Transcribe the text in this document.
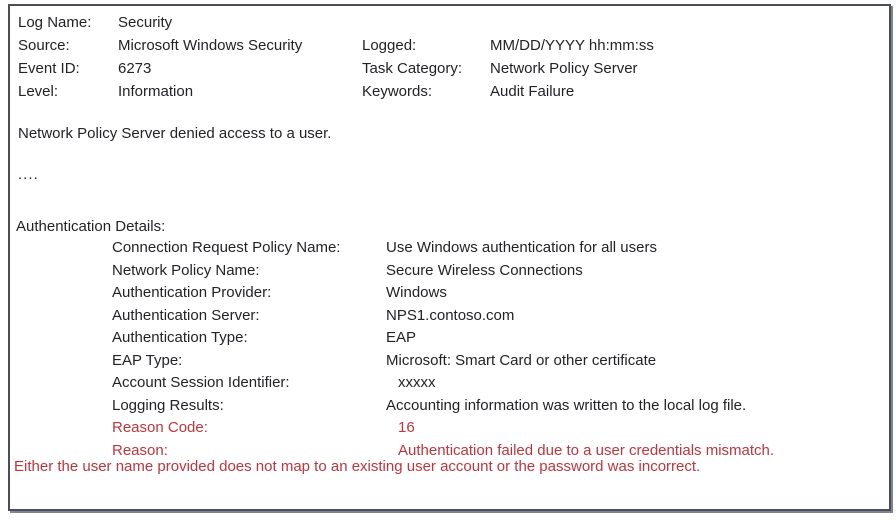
Log Name: Security
Source:	Microsoft Windows Security	Logged:	MM/DD/YYYY hh:mm:ss
Event ID:	6273	Task Category: Network Policy Server
Level:	Information	Keywords:	Audit Failure
Network Policy Server denied access to a user.
....
Authentication Details:
Connection Request Policy Name:	Use Windows authentication for all users
Network Policy Name:	Secure Wireless Connections
Authentication Provider:	Windows
Authentication Server:	NPS1.contoso.com
Authentication Type:	EAP
EAP Type:	Microsoft: Smart Card or other certificate
Account Session Identifier:	xxxxx
Logging Results:	Accounting information was written to the local log file.
Reason Code:	16
Reason:	Authentication failed due to a user credentials mismatch.
Either the user name provided does not map to an existing user account or the password was incorrect.
